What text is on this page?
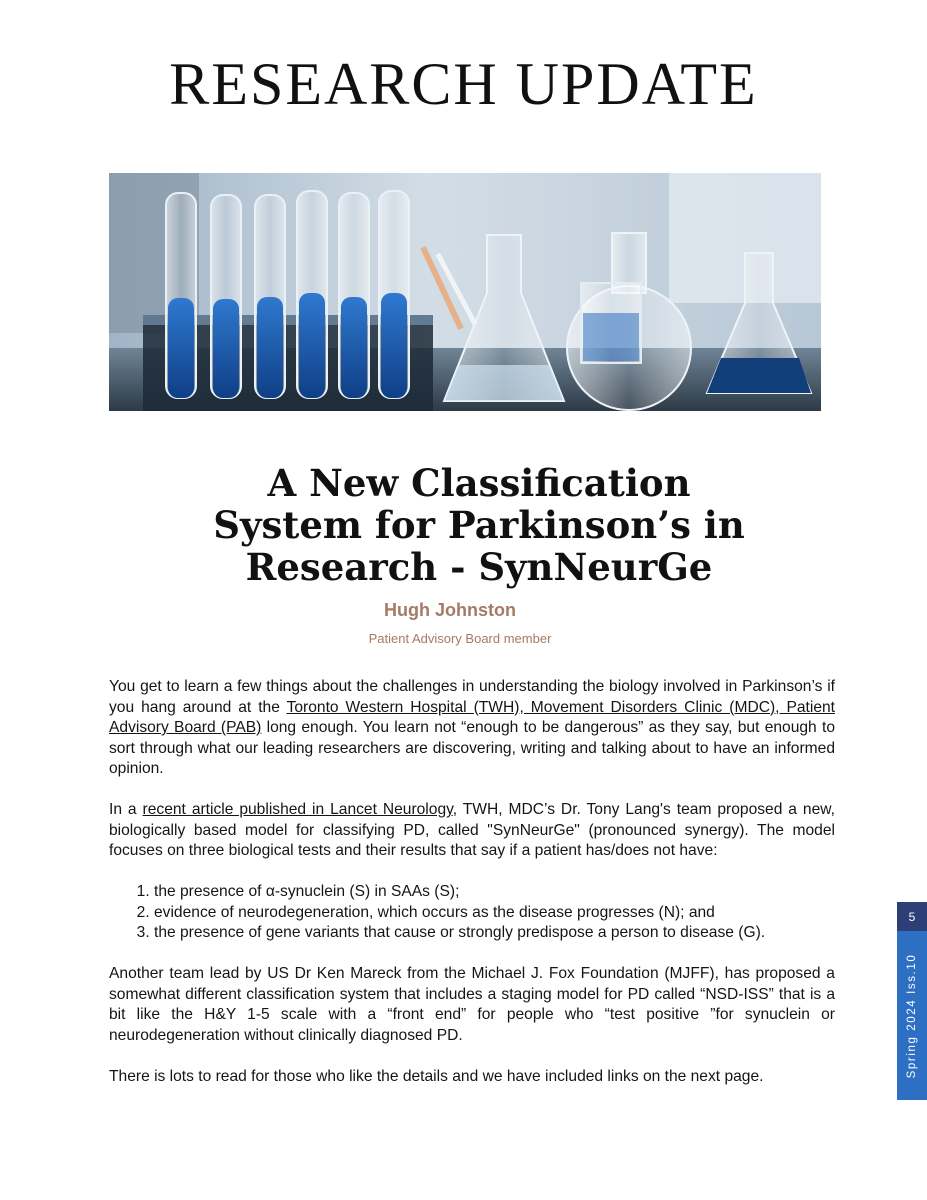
RESEARCH UPDATE
A New Classification
System for Parkinson’s in
Research - SynNeurGe
Hugh Johnston
Patient Advisory Board member

You get to learn a few things about the challenges in understanding the biology involved in Parkinson’s if you hang around at the Toronto Western Hospital (TWH), Movement Disorders Clinic (MDC), Patient Advisory Board (PAB) long enough. You learn not “enough to be dangerous” as they say, but enough to sort through what our leading researchers are discovering, writing and talking about to have an informed opinion.

In a recent article published in Lancet Neurology, TWH, MDC’s Dr. Tony Lang's team proposed a new, biologically based model for classifying PD, called "SynNeurGe" (pronounced synergy). The model focuses on three biological tests and their results that say if a patient has/does not have:

1. the presence of α-synuclein (S) in SAAs (S);
2. evidence of neurodegeneration, which occurs as the disease progresses (N); and
3. the presence of gene variants that cause or strongly predispose a person to disease (G).

Another team lead by US Dr Ken Mareck from the Michael J. Fox Foundation (MJFF), has proposed a somewhat different classification system that includes a staging model for PD called “NSD-ISS” that is a bit like the H&Y 1-5 scale with a “front end” for people who “test positive ”for synuclein or neurodegeneration without clinically diagnosed PD.

There is lots to read for those who like the details and we have included links on the next page.

5
Spring 2024 Iss.10
